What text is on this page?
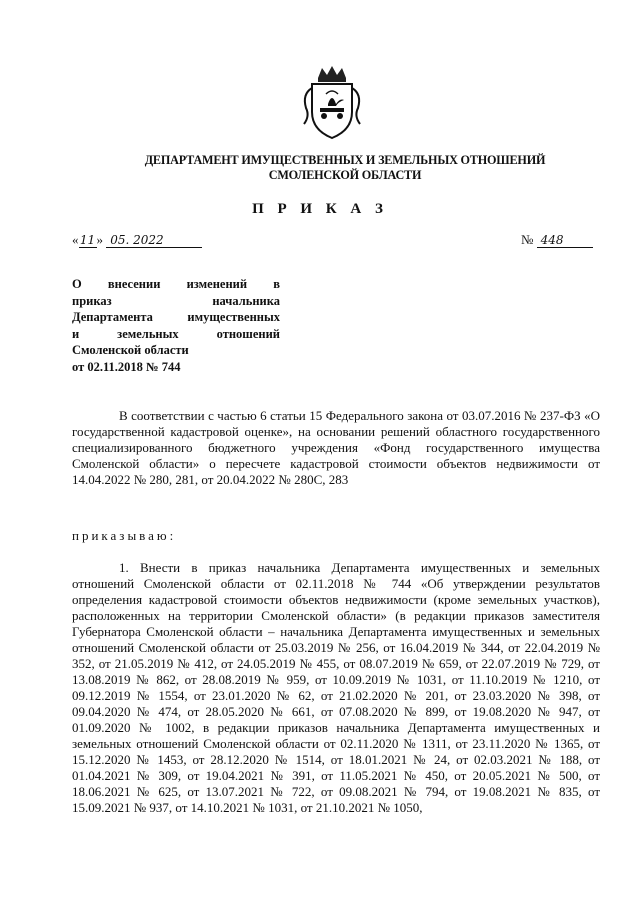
ДЕПАРТАМЕНТ ИМУЩЕСТВЕННЫХ И ЗЕМЕЛЬНЫХ ОТНОШЕНИЙ
СМОЛЕНСКОЙ ОБЛАСТИ
П Р И К А З
«11» 05. 2022	№ 448
О внесении изменений в
приказ начальника
Департамента имущественных
и земельных отношений
Смоленской области
от 02.11.2018 № 744
В соответствии с частью 6 статьи 15 Федерального закона от 03.07.2016 № 237-ФЗ «О государственной кадастровой оценке», на основании решений областного государственного специализированного бюджетного учреждения «Фонд государственного имущества Смоленской области» о пересчете кадастровой стоимости объектов недвижимости от 14.04.2022 № 280, 281, от 20.04.2022 № 280С, 283
приказываю:
1. Внести в приказ начальника Департамента имущественных и земельных отношений Смоленской области от 02.11.2018 № 744 «Об утверждении результатов определения кадастровой стоимости объектов недвижимости (кроме земельных участков), расположенных на территории Смоленской области» (в редакции приказов заместителя Губернатора Смоленской области – начальника Департамента имущественных и земельных отношений Смоленской области от 25.03.2019 № 256, от 16.04.2019 № 344, от 22.04.2019 № 352, от 21.05.2019 № 412, от 24.05.2019 № 455, от 08.07.2019 № 659, от 22.07.2019 № 729, от 13.08.2019 № 862, от 28.08.2019 № 959, от 10.09.2019 № 1031, от 11.10.2019 № 1210, от 09.12.2019 № 1554, от 23.01.2020 № 62, от 21.02.2020 № 201, от 23.03.2020 № 398, от 09.04.2020 № 474, от 28.05.2020 № 661, от 07.08.2020 № 899, от 19.08.2020 № 947, от 01.09.2020 № 1002, в редакции приказов начальника Департамента имущественных и земельных отношений Смоленской области от 02.11.2020 № 1311, от 23.11.2020 № 1365, от 15.12.2020 № 1453, от 28.12.2020 № 1514, от 18.01.2021 № 24, от 02.03.2021 № 188, от 01.04.2021 № 309, от 19.04.2021 № 391, от 11.05.2021 № 450, от 20.05.2021 № 500, от 18.06.2021 № 625, от 13.07.2021 № 722, от 09.08.2021 № 794, от 19.08.2021 № 835, от 15.09.2021 № 937, от 14.10.2021 № 1031, от 21.10.2021 № 1050,
